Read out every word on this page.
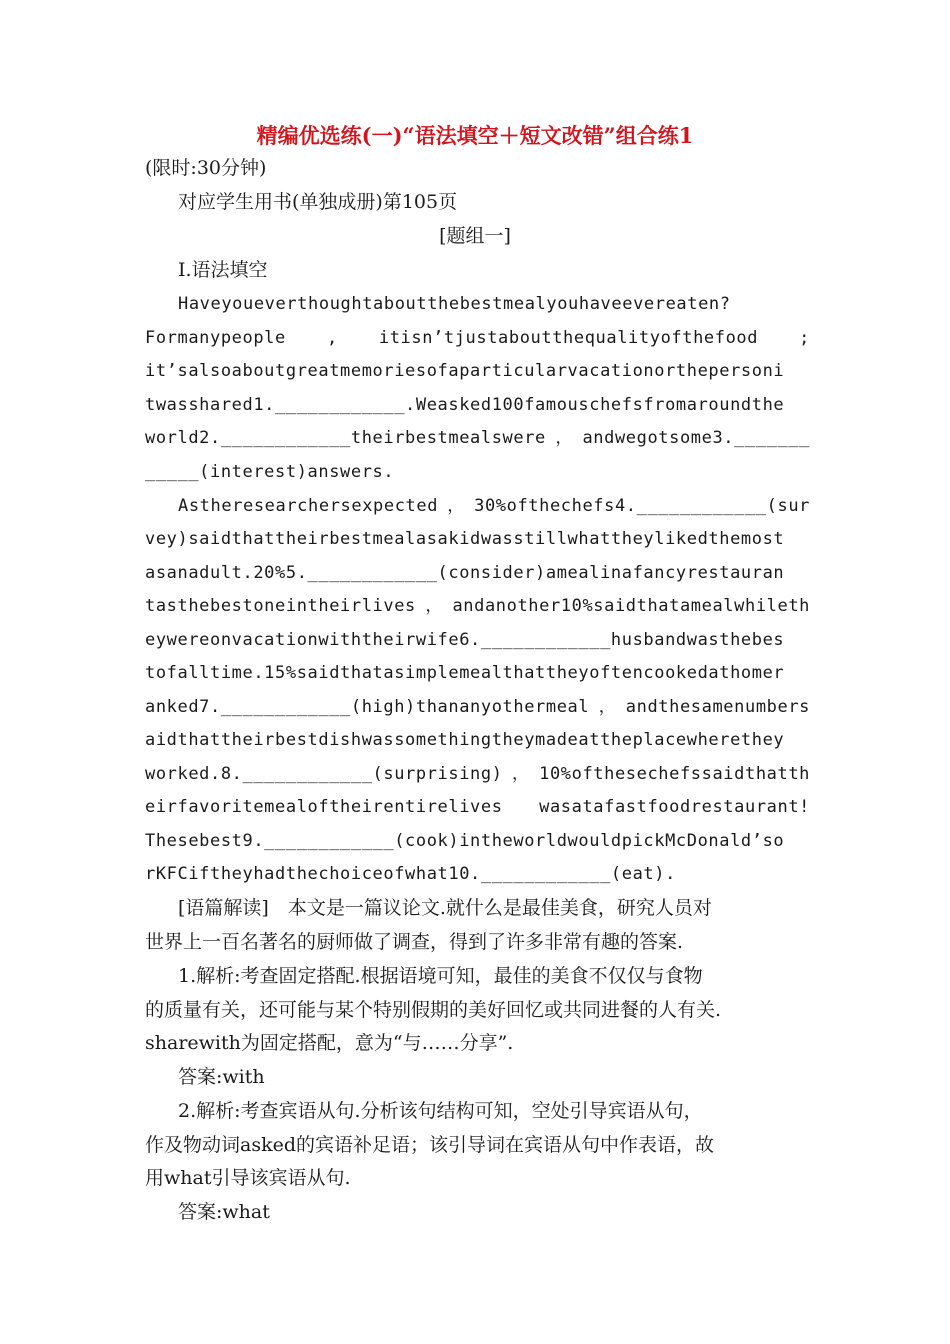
精编优选练(一)“语法填空＋短文改错”组合练1
(限时:30分钟)
对应学生用书(单独成册)第105页
[题组一]
Ⅰ.语法填空
Haveyoueverthoughtaboutthebestmealyouhaveevereaten?
Formanypeople , itisn’tjustaboutthequalityofthefood ;
it’salsoaboutgreatmemoriesofaparticularvacationorthepersoni
twasshared1.____________.Weasked100famouschefsfromaroundthe
world2.____________theirbestmealswere，andwegotsome3._______
_____(interest)answers.
Astheresearchersexpected，30%ofthechefs4.____________(sur
vey)saidthattheirbestmealasakidwasstillwhattheylikedthemost
asanadult.20%5.____________(consider)amealinafancyrestauran
tasthebestoneintheirlives，andanother10%saidthatamealwhileth
eywereonvacationwiththeirwife6.____________husbandwasthebes
tofalltime.15%saidthatasimplemealthattheyoftencookedathomer
anked7.____________(high)thananyothermeal，andthesamenumbers
aidthattheirbestdishwassomethingtheymadeattheplacewherethey
worked.8.____________(surprising)，10%ofthesechefssaidthatth
eirfavoritemealoftheirentirelives wasatafastfoodrestaurant!
Thesebest9.____________(cook)intheworldwouldpickMcDonald’so
rKFCiftheyhadthechoiceofwhat10.____________(eat).
[语篇解读]　本文是一篇议论文.就什么是最佳美食，研究人员对
世界上一百名著名的厨师做了调查，得到了许多非常有趣的答案.
1.解析:考查固定搭配.根据语境可知，最佳的美食不仅仅与食物
的质量有关，还可能与某个特别假期的美好回忆或共同进餐的人有关.
sharewith为固定搭配，意为“与……分享”.
答案:with
2.解析:考查宾语从句.分析该句结构可知，空处引导宾语从句，
作及物动词asked的宾语补足语；该引导词在宾语从句中作表语，故
用what引导该宾语从句.
答案:what
